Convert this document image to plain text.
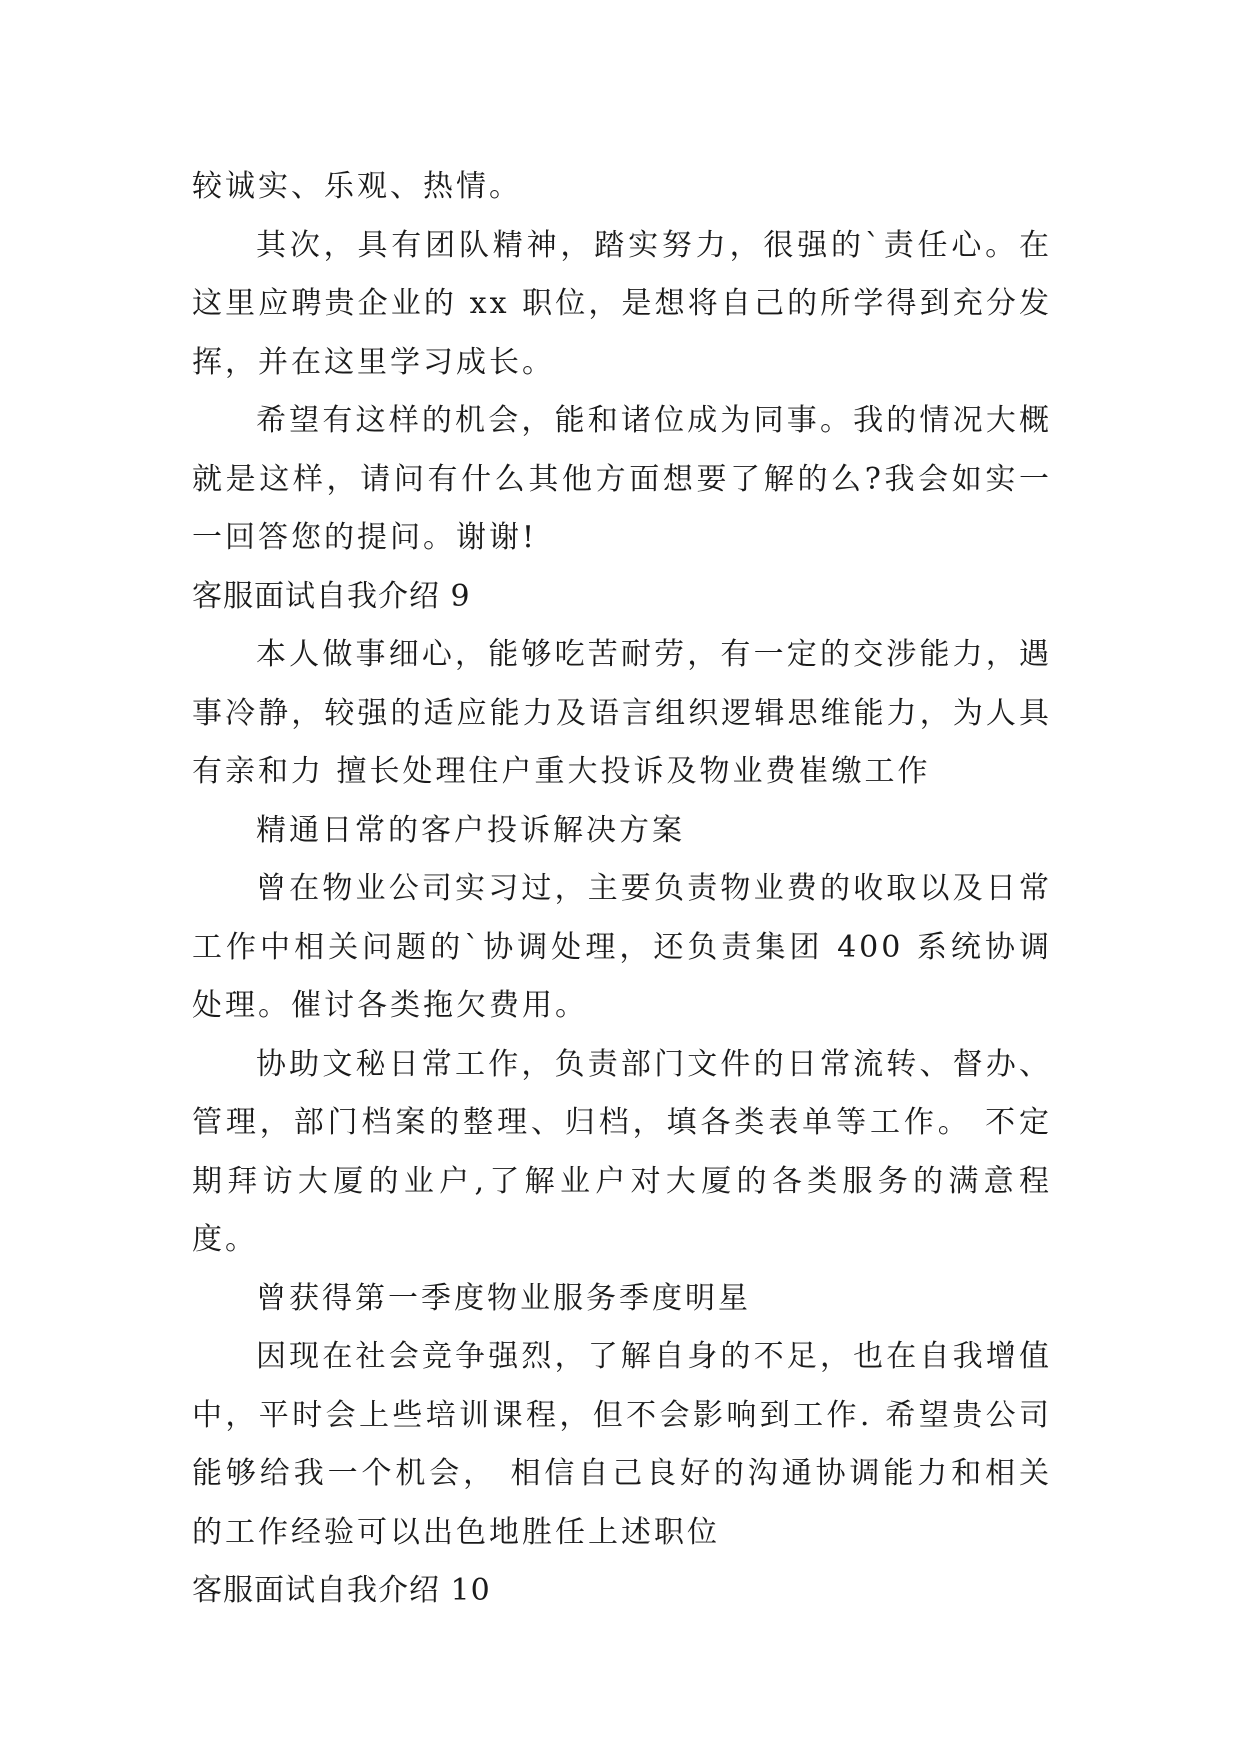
较诚实、乐观、热情。

其次，具有团队精神，踏实努力，很强的`责任心。在这里应聘贵企业的 xx 职位，是想将自己的所学得到充分发挥，并在这里学习成长。

希望有这样的机会，能和诸位成为同事。我的情况大概就是这样，请问有什么其他方面想要了解的么?我会如实一一回答您的提问。谢谢!

客服面试自我介绍 9

本人做事细心，能够吃苦耐劳，有一定的交涉能力，遇事冷静，较强的适应能力及语言组织逻辑思维能力，为人具有亲和力 擅长处理住户重大投诉及物业费崔缴工作

精通日常的客户投诉解决方案

曾在物业公司实习过，主要负责物业费的收取以及日常工作中相关问题的`协调处理，还负责集团 400 系统协调处理。催讨各类拖欠费用。

协助文秘日常工作，负责部门文件的日常流转、督办、管理，部门档案的整理、归档，填各类表单等工作。 不定期拜访大厦的业户,了解业户对大厦的各类服务的满意程度。

曾获得第一季度物业服务季度明星

因现在社会竞争强烈，了解自身的不足，也在自我增值中，平时会上些培训课程，但不会影响到工作. 希望贵公司能够给我一个机会， 相信自己良好的沟通协调能力和相关的工作经验可以出色地胜任上述职位

客服面试自我介绍 10
